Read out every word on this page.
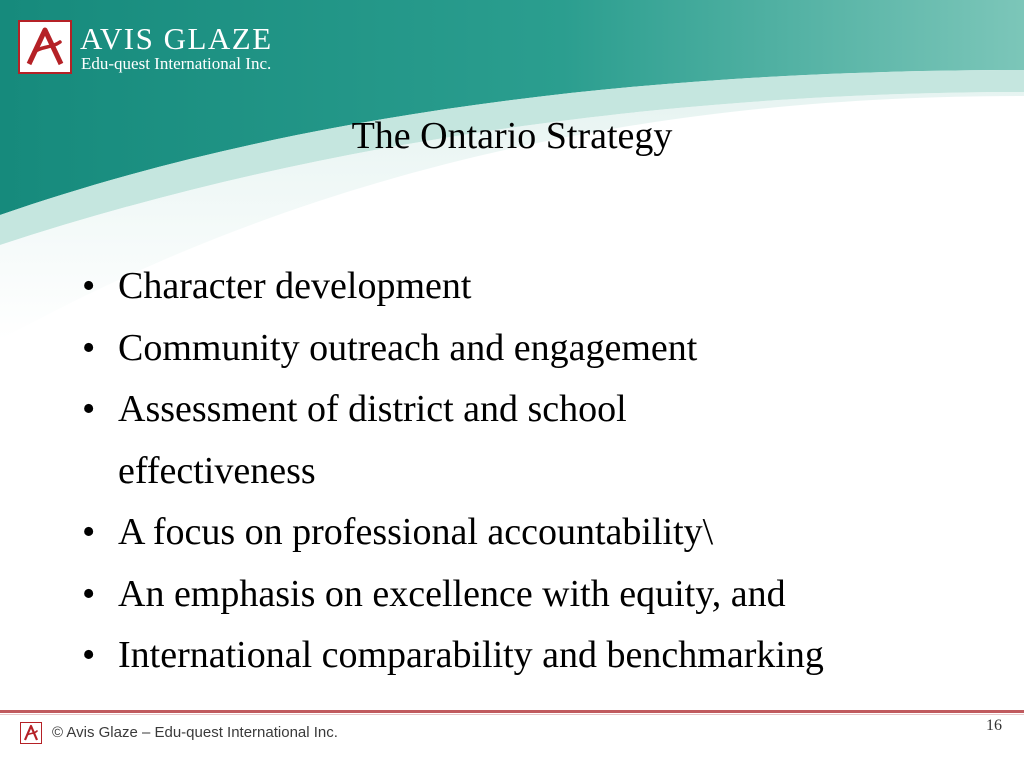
AVIS GLAZE
Edu-quest International Inc.
The Ontario Strategy
• Character development
• Community outreach and engagement
• Assessment of district and school
effectiveness
• A focus on professional accountability\
• An emphasis on excellence with equity, and
• International comparability and benchmarking
© Avis Glaze – Edu-quest International Inc.	16
